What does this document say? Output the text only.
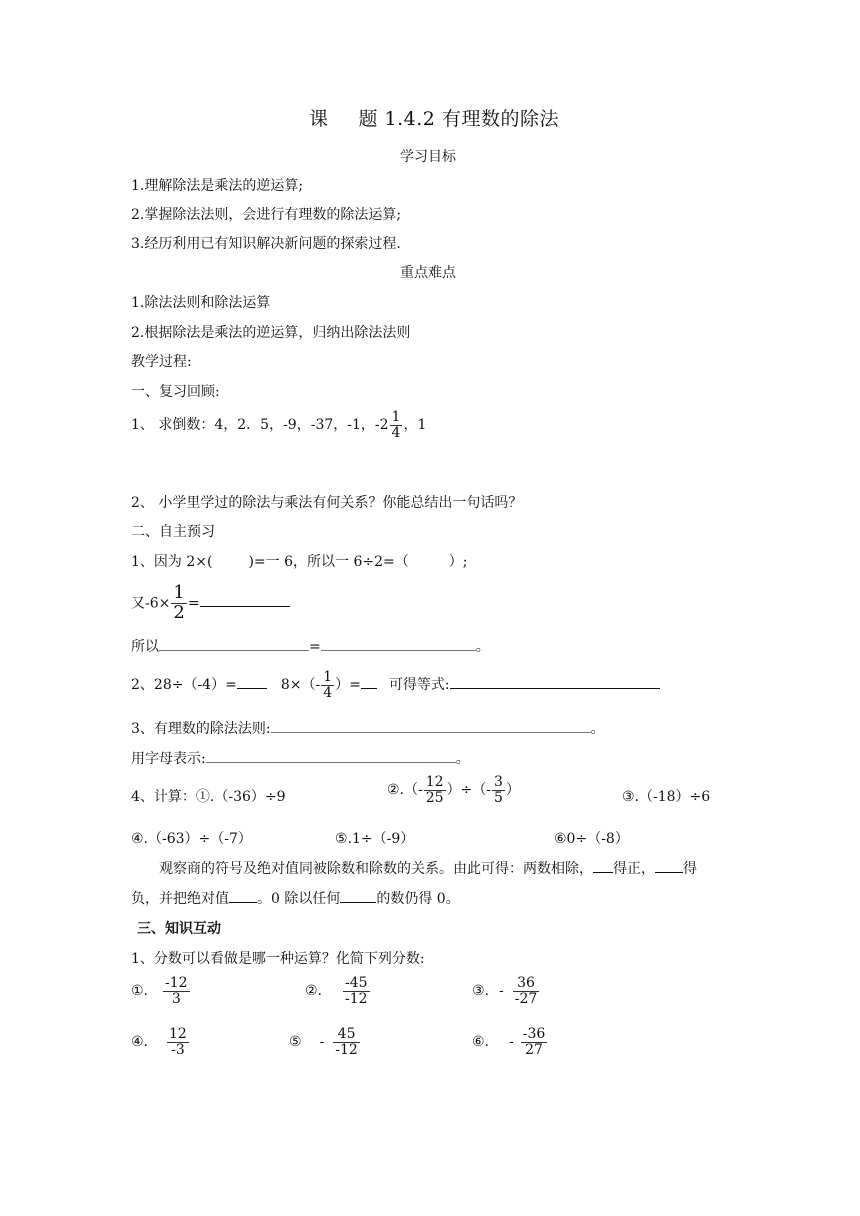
课 题 1.4.2 有理数的除法
学习目标
1.理解除法是乘法的逆运算;
2.掌握除法法则，会进行有理数的除法运算;
3.经历利用已有知识解决新问题的探索过程.
重点难点
1.除法法则和除法运算
2.根据除法是乘法的逆运算，归纳出除法法则
教学过程:
一、复习回顾:
1、 求倒数：4，2．5，-9，-37，-1，$-2 \frac{1}{4}$ ，1
2、 小学里学过的除法与乘法有何关系？你能总结出一句话吗？
二、自主预习
1、因为 2×(	)=一 6，所以一 6÷2=（	）;
又$-6\times \frac{1}{2}$ =
所以	=	。
2、28÷（-4）=	$8\times(- \frac{1}{4}$ ）= 可得等式:
3、有理数的除法法则:	。
用字母表示:	。
4、计算：①.（-36）÷9	②.（- $\frac{12}{25}$ ）÷（- $\frac{3}{5}$ ）	③.（-18）÷6
④.（-63）÷（-7）	⑤.1÷（-9）	⑥0÷（-8）
观察商的符号及绝对值同被除数和除数的关系。由此可得：两数相除， 得正， 得
负，并把绝对值 。0 除以任何	的数仍得 0。
三、知识互动
1、分数可以看做是哪一种运算？化简下列分数:
①. $\frac{-12}{3}$	②. $\frac{-45}{-12}$	③. - $\frac{36}{-27}$
④. $\frac{12}{-3}$	⑤ - $\frac{45}{-12}$	⑥. - $\frac{-36}{27}$
